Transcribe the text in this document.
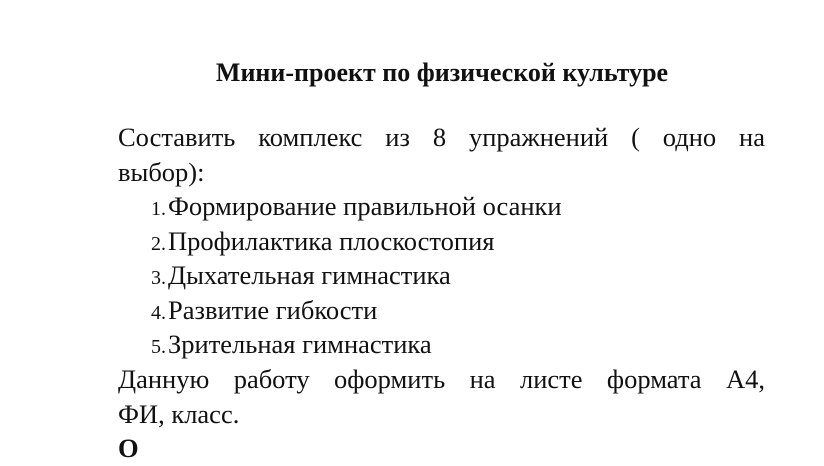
Мини-проект по физической культуре
Составить комплекс из 8 упражнений ( одно на
выбор):
1. Формирование правильной осанки
2. Профилактика плоскостопия
3. Дыхательная гимнастика
4. Развитие гибкости
5. Зрительная гимнастика
Данную работу оформить на листе формата А4,
ФИ, класс.
О
